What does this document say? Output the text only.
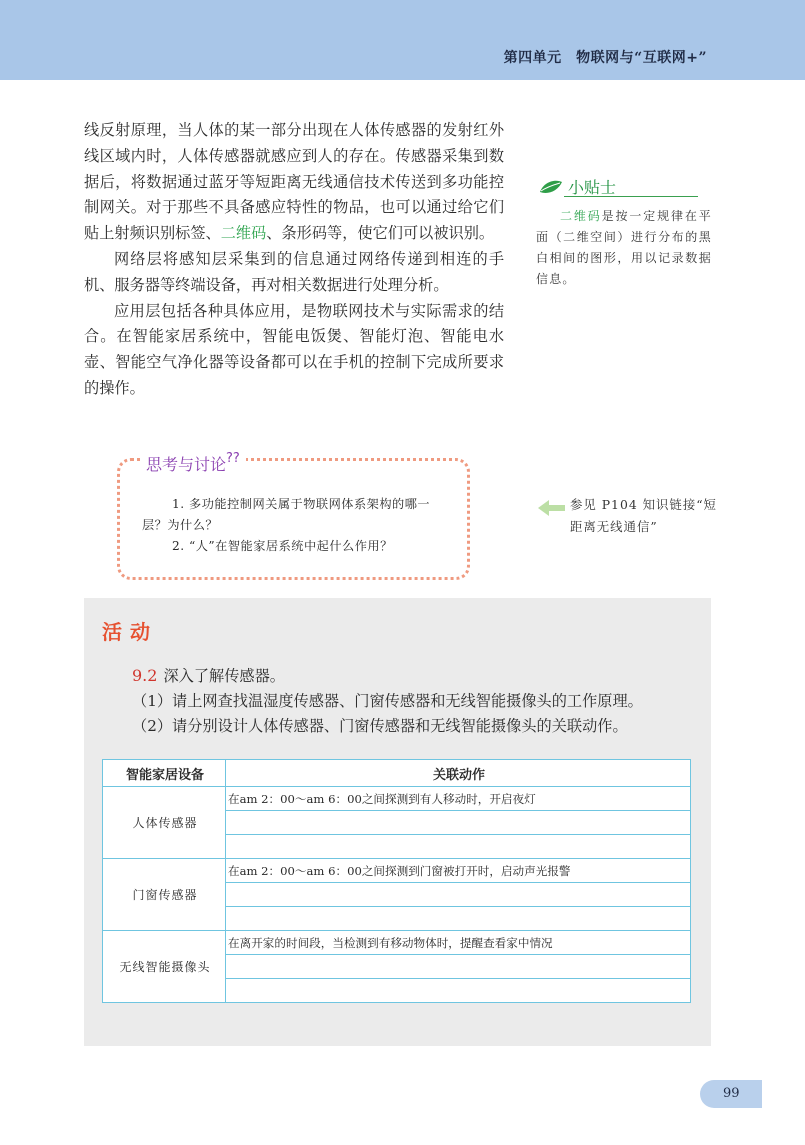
第四单元　物联网与“互联网+”

线反射原理，当人体的某一部分出现在人体传感器的发射红外线区域内时，人体传感器就感应到人的存在。传感器采集到数据后，将数据通过蓝牙等短距离无线通信技术传送到多功能控制网关。对于那些不具备感应特性的物品，也可以通过给它们贴上射频识别标签、二维码、条形码等，使它们可以被识别。

网络层将感知层采集到的信息通过网络传递到相连的手机、服务器等终端设备，再对相关数据进行处理分析。

应用层包括各种具体应用，是物联网技术与实际需求的结合。在智能家居系统中，智能电饭煲、智能灯泡、智能电水壶、智能空气净化器等设备都可以在手机的控制下完成所要求的操作。

小贴士
二维码是按一定规律在平面（二维空间）进行分布的黑白相间的图形，用以记录数据信息。
思考与讨论??
1. 多功能控制网关属于物联网体系架构的哪一层？为什么？
2. “人”在智能家居系统中起什么作用？
参见 P104 知识链接“短距离无线通信”
活动
9.2 深入了解传感器。
（1）请上网查找温湿度传感器、门窗传感器和无线智能摄像头的工作原理。
（2）请分别设计人体传感器、门窗传感器和无线智能摄像头的关联动作。
智能家居设备	关联动作
人体传感器	在am 2：00～am 6：00之间探测到有人移动时，开启夜灯

门窗传感器	在am 2：00～am 6：00之间探测到门窗被打开时，启动声光报警

无线智能摄像头	在离开家的时间段，当检测到有移动物体时，提醒查看家中情况

99
